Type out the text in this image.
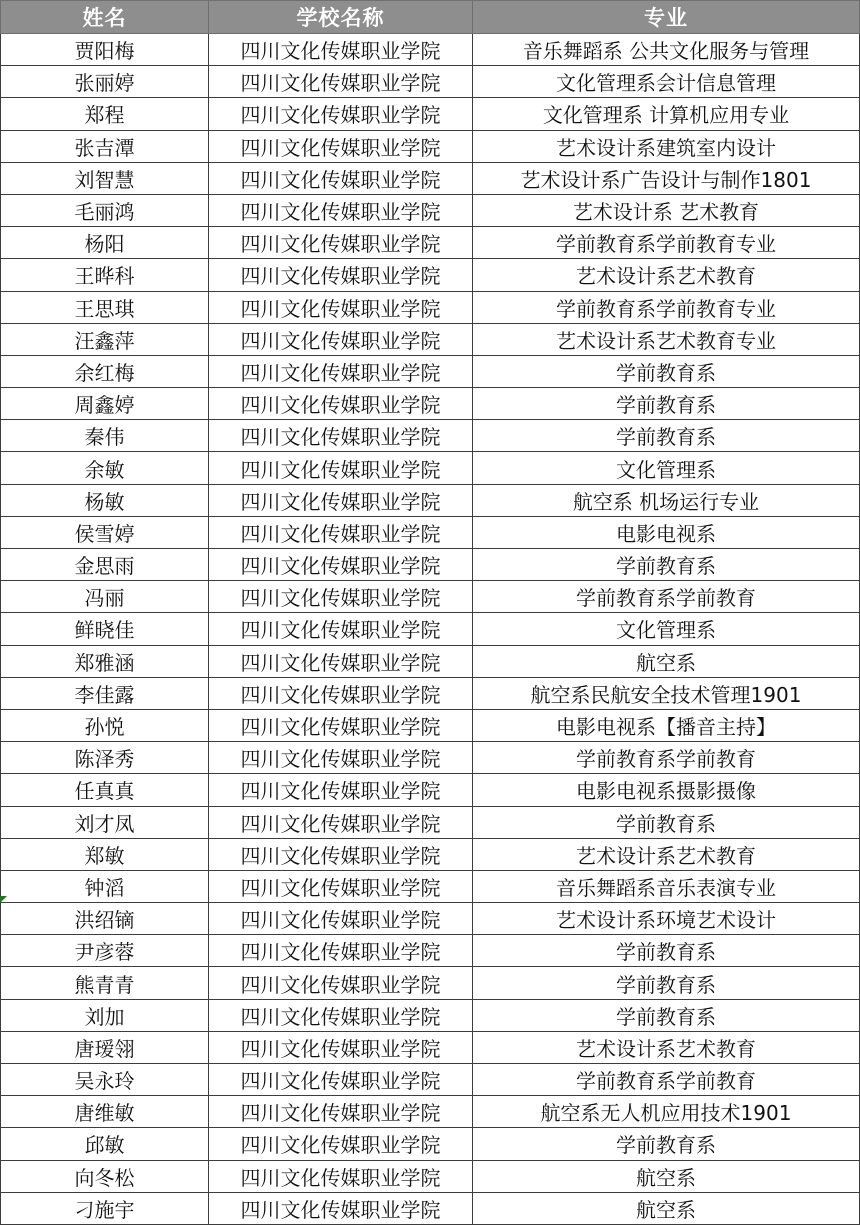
姓名	学校名称	专业
贾阳梅	四川文化传媒职业学院	音乐舞蹈系 公共文化服务与管理
张丽婷	四川文化传媒职业学院	文化管理系会计信息管理
郑程	四川文化传媒职业学院	文化管理系 计算机应用专业
张吉潭	四川文化传媒职业学院	艺术设计系建筑室内设计
刘智慧	四川文化传媒职业学院	艺术设计系广告设计与制作1801
毛丽鸿	四川文化传媒职业学院	艺术设计系 艺术教育
杨阳	四川文化传媒职业学院	学前教育系学前教育专业
王晔科	四川文化传媒职业学院	艺术设计系艺术教育
王思琪	四川文化传媒职业学院	学前教育系学前教育专业
汪鑫萍	四川文化传媒职业学院	艺术设计系艺术教育专业
余红梅	四川文化传媒职业学院	学前教育系
周鑫婷	四川文化传媒职业学院	学前教育系
秦伟	四川文化传媒职业学院	学前教育系
余敏	四川文化传媒职业学院	文化管理系
杨敏	四川文化传媒职业学院	航空系 机场运行专业
侯雪婷	四川文化传媒职业学院	电影电视系
金思雨	四川文化传媒职业学院	学前教育系
冯丽	四川文化传媒职业学院	学前教育系学前教育
鲜晓佳	四川文化传媒职业学院	文化管理系
郑雅涵	四川文化传媒职业学院	航空系
李佳露	四川文化传媒职业学院	航空系民航安全技术管理1901
孙悦	四川文化传媒职业学院	电影电视系【播音主持】
陈泽秀	四川文化传媒职业学院	学前教育系学前教育
任真真	四川文化传媒职业学院	电影电视系摄影摄像
刘才凤	四川文化传媒职业学院	学前教育系
郑敏	四川文化传媒职业学院	艺术设计系艺术教育
钟滔	四川文化传媒职业学院	音乐舞蹈系音乐表演专业
洪绍镝	四川文化传媒职业学院	艺术设计系环境艺术设计
尹彦蓉	四川文化传媒职业学院	学前教育系
熊青青	四川文化传媒职业学院	学前教育系
刘加	四川文化传媒职业学院	学前教育系
唐瑷翎	四川文化传媒职业学院	艺术设计系艺术教育
吴永玲	四川文化传媒职业学院	学前教育系学前教育
唐维敏	四川文化传媒职业学院	航空系无人机应用技术1901
邱敏	四川文化传媒职业学院	学前教育系
向冬松	四川文化传媒职业学院	航空系
刁施宇	四川文化传媒职业学院	航空系
